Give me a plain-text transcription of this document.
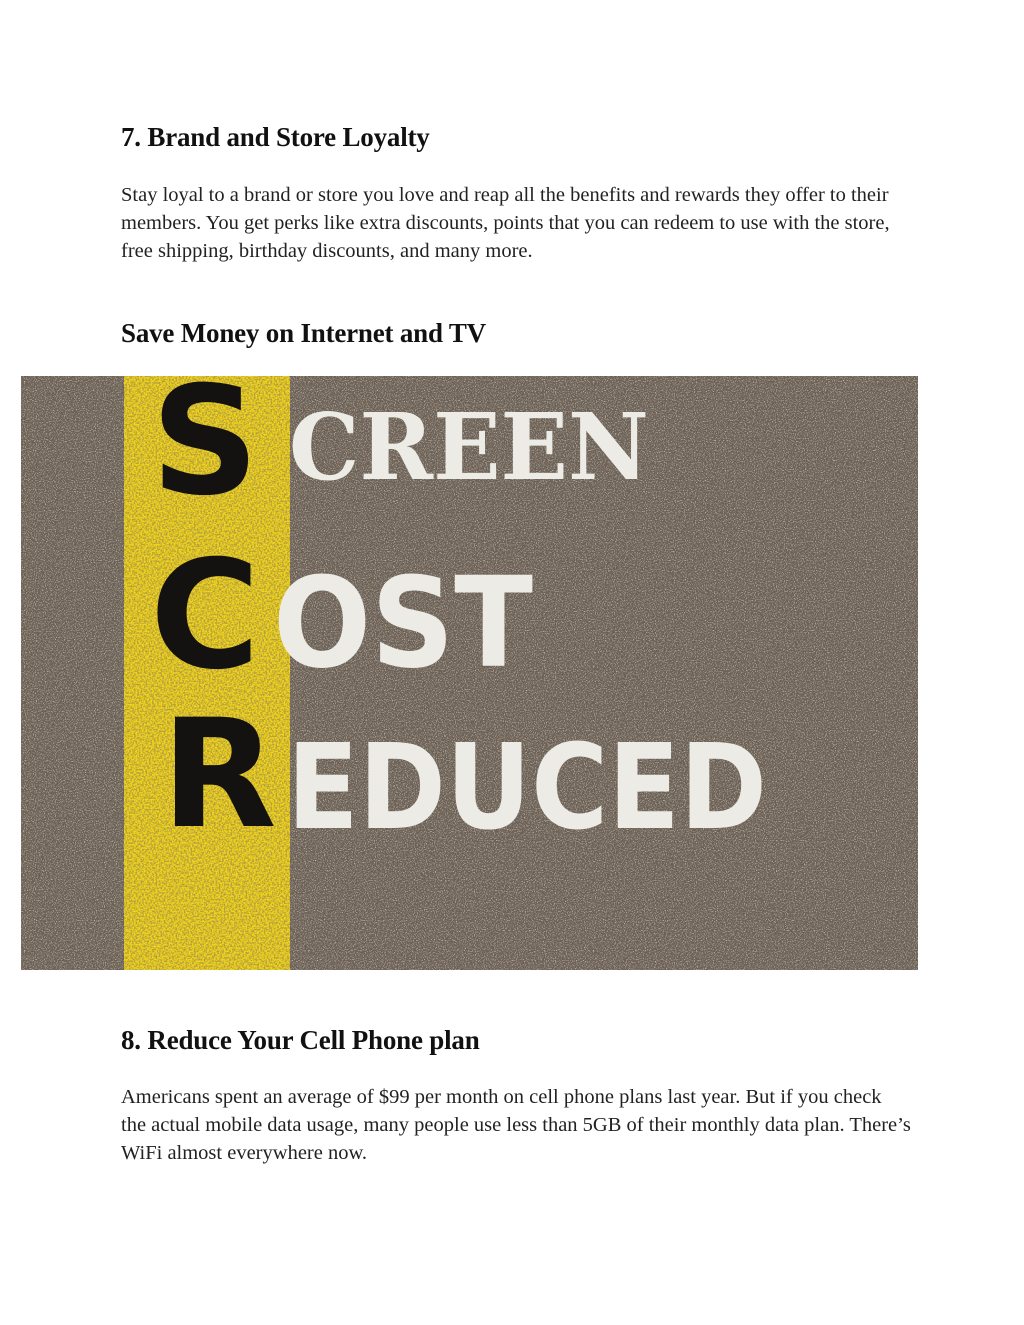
7. Brand and Store Loyalty

Stay loyal to a brand or store you love and reap all the benefits and rewards they offer to their members. You get perks like extra discounts, points that you can redeem to use with the store, free shipping, birthday discounts, and many more.

Save Money on Internet and TV
S
C
R
CREEN
OST
EDUCED
8. Reduce Your Cell Phone plan

Americans spent an average of $99 per month on cell phone plans last year. But if you check the actual mobile data usage, many people use less than 5GB of their monthly data plan. There’s WiFi almost everywhere now.
